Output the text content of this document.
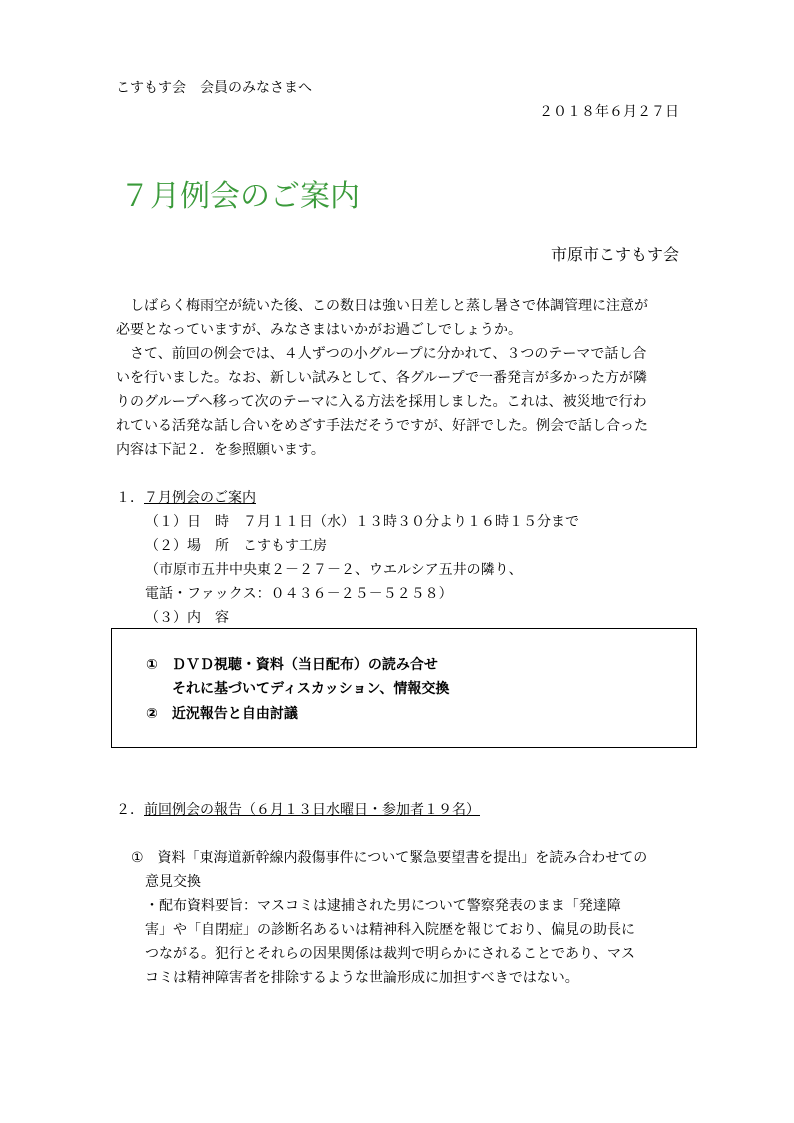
こすもす会　会員のみなさまへ
２０１８年６月２７日
７月例会のご案内
市原市こすもす会
　しばらく梅雨空が続いた後、この数日は強い日差しと蒸し暑さで体調管理に注意が
必要となっていますが、みなさまはいかがお過ごしでしょうか。
　さて、前回の例会では、４人ずつの小グループに分かれて、３つのテーマで話し合
いを行いました。なお、新しい試みとして、各グループで一番発言が多かった方が隣
りのグループへ移って次のテーマに入る方法を採用しました。これは、被災地で行わ
れている活発な話し合いをめざす手法だそうですが、好評でした。例会で話し合った
内容は下記２．を参照願います。
１．７月例会のご案内
（１）日　時　７月１１日（水）１３時３０分より１６時１５分まで
（２）場　所　こすもす工房
（市原市五井中央東２－２７－２、ウエルシア五井の隣り、
電話・ファックス：０４３６－２５－５２５８）
（３）内　容
①　ＤＶＤ視聴・資料（当日配布）の読み合せ
それに基づいてディスカッション、情報交換
②　近況報告と自由討議
２．前回例会の報告（６月１３日水曜日・参加者１９名）
①　資料「東海道新幹線内殺傷事件について緊急要望書を提出」を読み合わせての
意見交換
・配布資料要旨：マスコミは逮捕された男について警察発表のまま「発達障
害」や「自閉症」の診断名あるいは精神科入院歴を報じており、偏見の助長に
つながる。犯行とそれらの因果関係は裁判で明らかにされることであり、マス
コミは精神障害者を排除するような世論形成に加担すべきではない。
